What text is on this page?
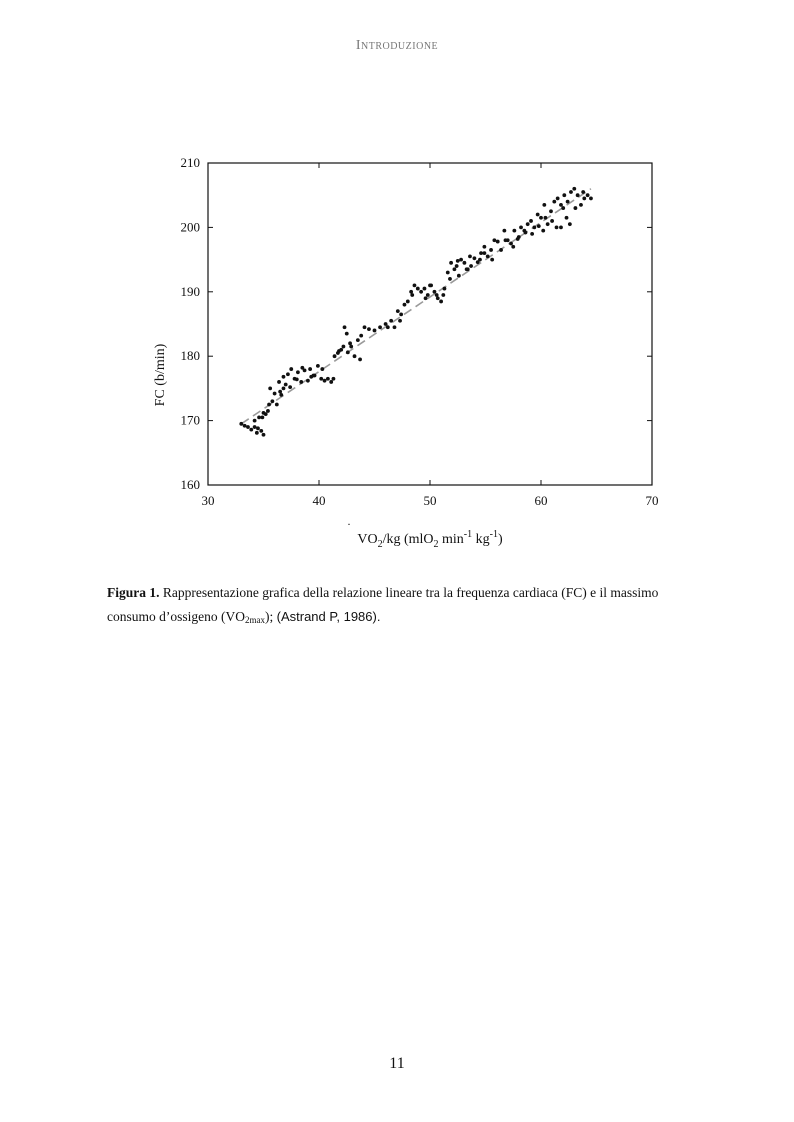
Introduzione
30	40	50	60	70
160
170
180
190
200
210
FC (b/min)
$VO_2/kg$ (mlO$_2$ $\min^{-1} kg^{-1}$)
·
Figura 1. Rappresentazione grafica della relazione lineare tra la frequenza cardiaca (FC) e il massimo consumo d’ossigeno $(VO_{2max})$; (Astrand P, 1986).
11
